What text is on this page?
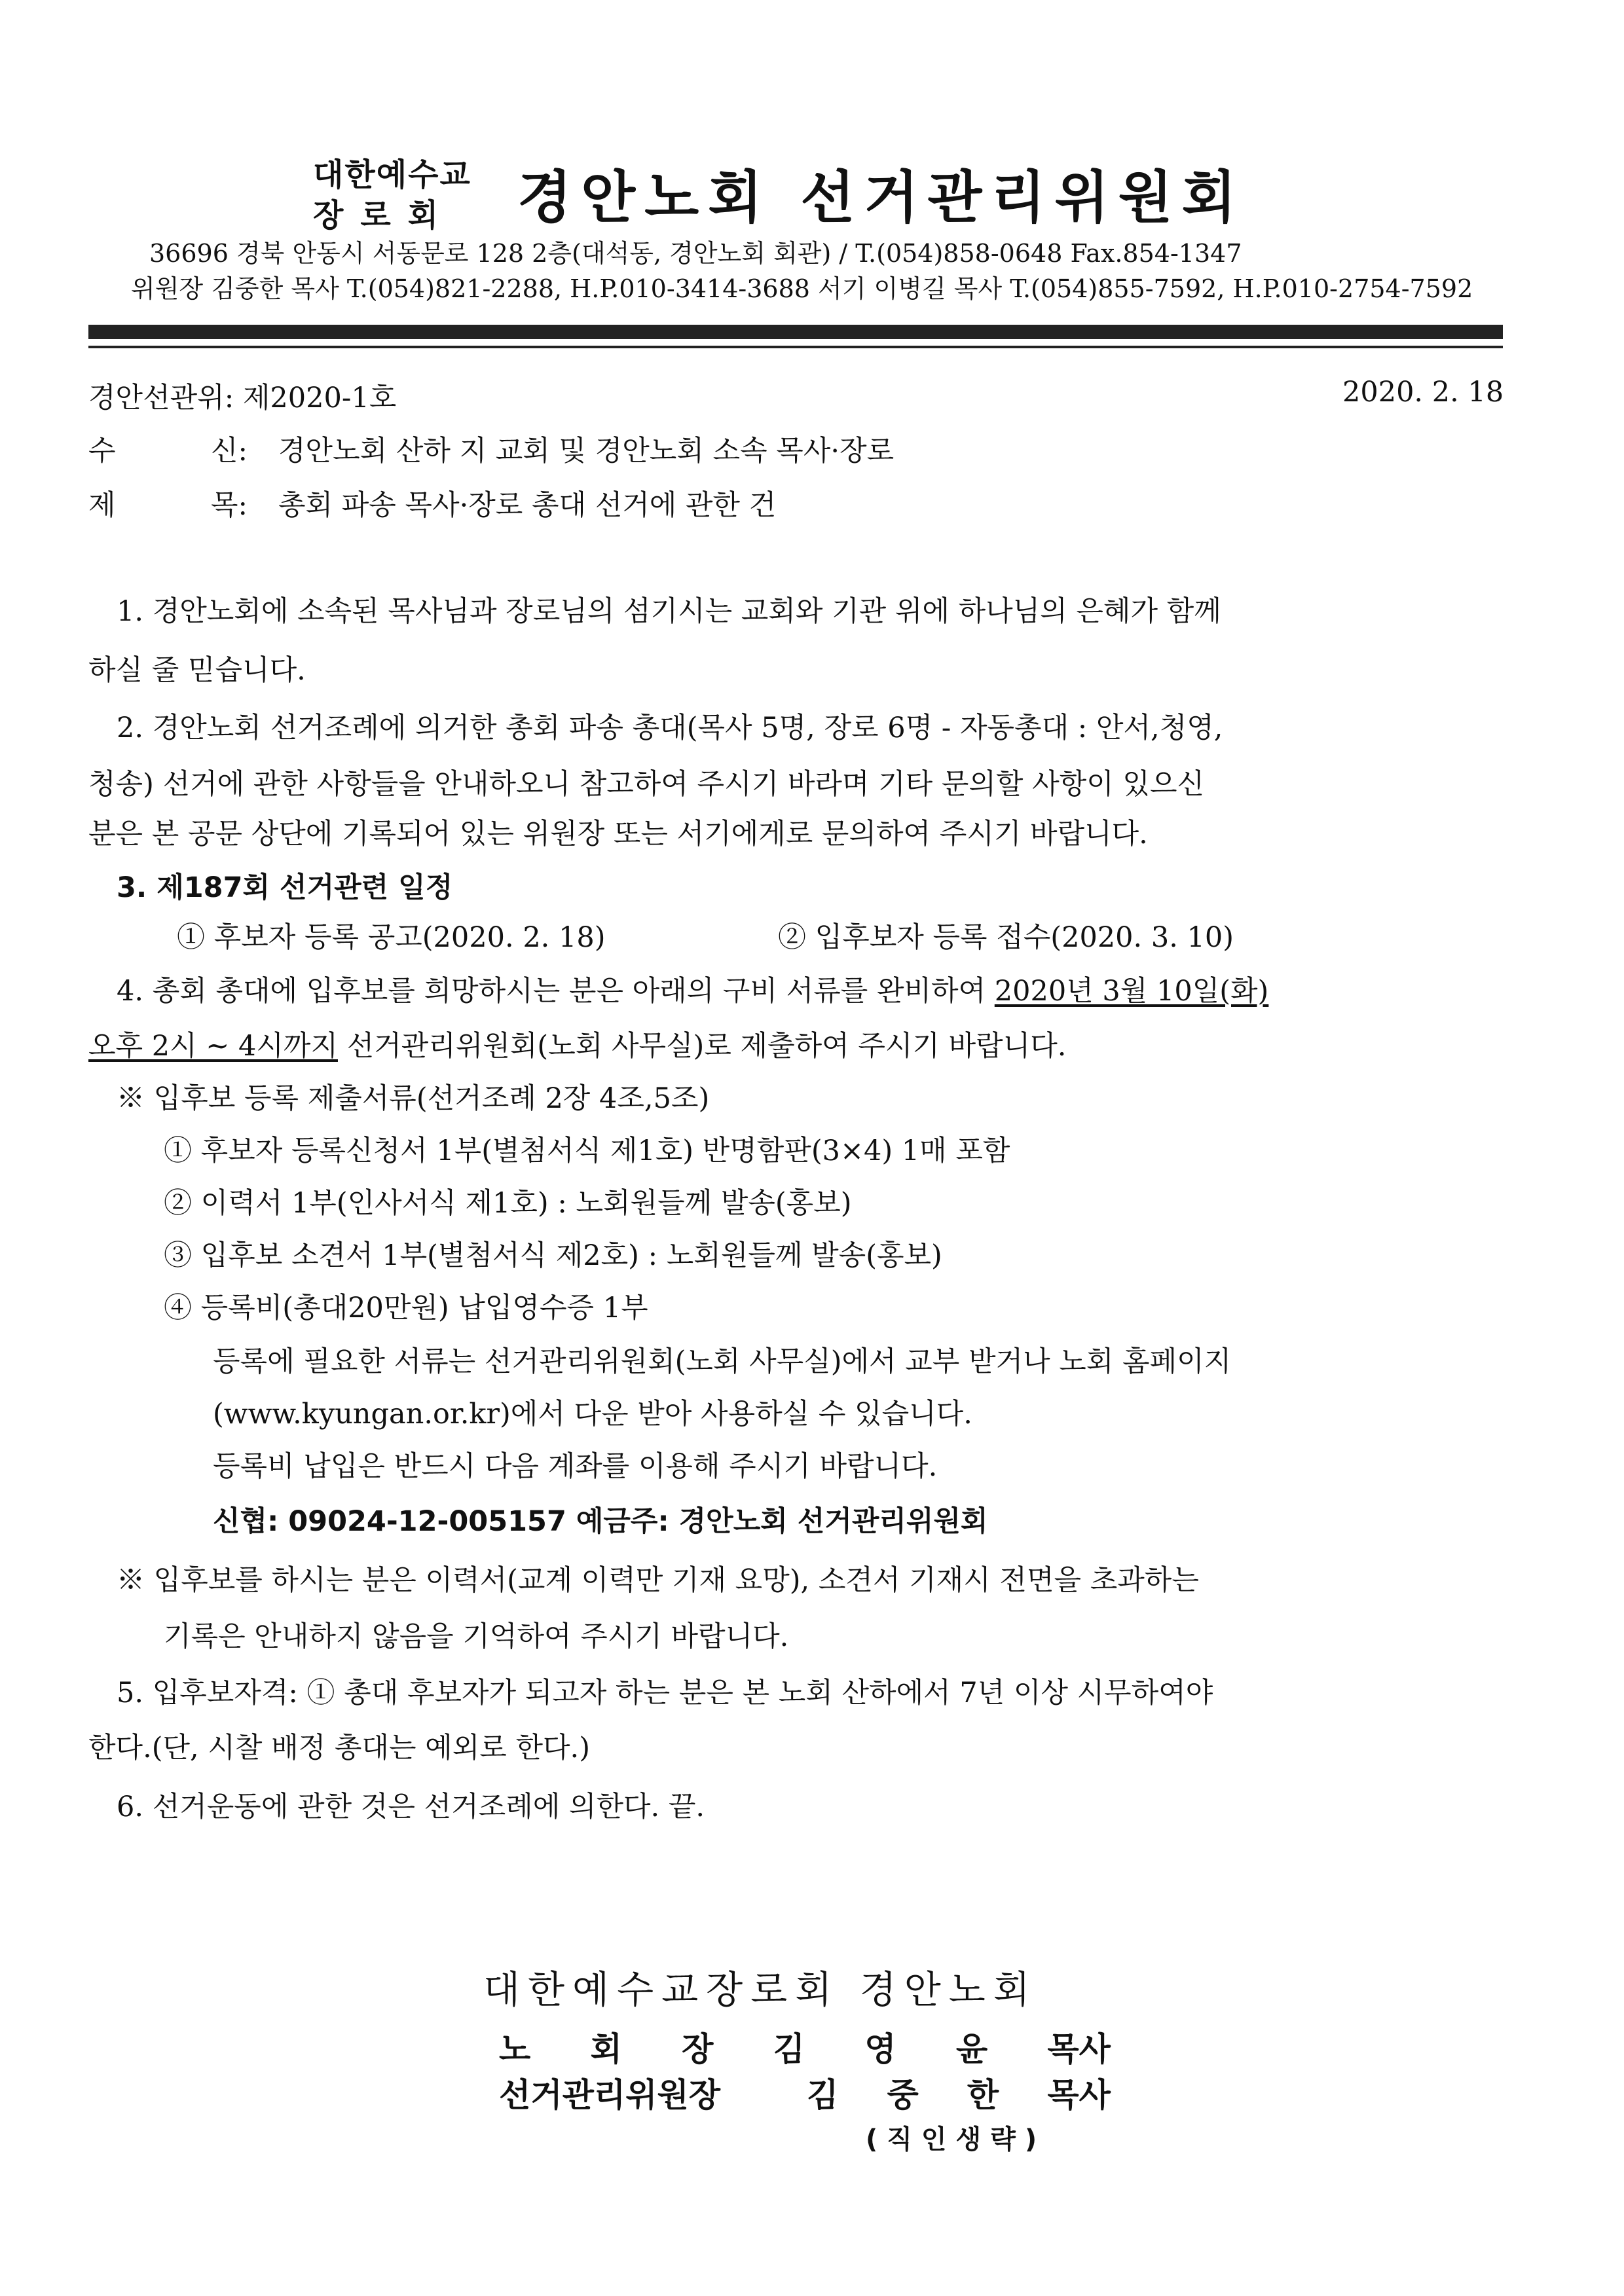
대한예수교
장로회 경안노회 선거관리위원회
36696 경북 안동시 서동문로 128 2층(대석동, 경안노회 회관) / T.(054)858-0648 Fax.854-1347
위원장 김중한 목사 T.(054)821-2288, H.P.010-3414-3688 서기 이병길 목사 T.(054)855-7592, H.P.010-2754-7592
경안선관위: 제2020-1호	2020. 2. 18
수	신: 경안노회 산하 지 교회 및 경안노회 소속 목사·장로
제	목: 총회 파송 목사·장로 총대 선거에 관한 건
1. 경안노회에 소속된 목사님과 장로님의 섬기시는 교회와 기관 위에 하나님의 은혜가 함께
하실 줄 믿습니다.
2. 경안노회 선거조례에 의거한 총회 파송 총대(목사 5명, 장로 6명 - 자동총대 : 안서,청영,
청송) 선거에 관한 사항들을 안내하오니 참고하여 주시기 바라며 기타 문의할 사항이 있으신
분은 본 공문 상단에 기록되어 있는 위원장 또는 서기에게로 문의하여 주시기 바랍니다.
3. 제187회 선거관련 일정
① 후보자 등록 공고(2020. 2. 18)	② 입후보자 등록 접수(2020. 3. 10)
4. 총회 총대에 입후보를 희망하시는 분은 아래의 구비 서류를 완비하여 2020년 3월 10일(화)
오후 2시 ~ 4시까지 선거관리위원회(노회 사무실)로 제출하여 주시기 바랍니다.
※ 입후보 등록 제출서류(선거조례 2장 4조,5조)
① 후보자 등록신청서 1부(별첨서식 제1호) 반명함판(3×4) 1매 포함
② 이력서 1부(인사서식 제1호) : 노회원들께 발송(홍보)
③ 입후보 소견서 1부(별첨서식 제2호) : 노회원들께 발송(홍보)
④ 등록비(총대20만원) 납입영수증 1부
등록에 필요한 서류는 선거관리위원회(노회 사무실)에서 교부 받거나 노회 홈페이지
(www.kyungan.or.kr)에서 다운 받아 사용하실 수 있습니다.
등록비 납입은 반드시 다음 계좌를 이용해 주시기 바랍니다.
신협: 09024-12-005157 예금주: 경안노회 선거관리위원회
※ 입후보를 하시는 분은 이력서(교계 이력만 기재 요망), 소견서 기재시 전면을 초과하는
기록은 안내하지 않음을 기억하여 주시기 바랍니다.
5. 입후보자격: ① 총대 후보자가 되고자 하는 분은 본 노회 산하에서 7년 이상 시무하여야
한다.(단, 시찰 배정 총대는 예외로 한다.)
6. 선거운동에 관한 것은 선거조례에 의한다. 끝.
대한예수교장로회 경안노회
노 회 장 김 영 윤 목사
선거관리위원장	김 중 한 목사
(직인생략)
